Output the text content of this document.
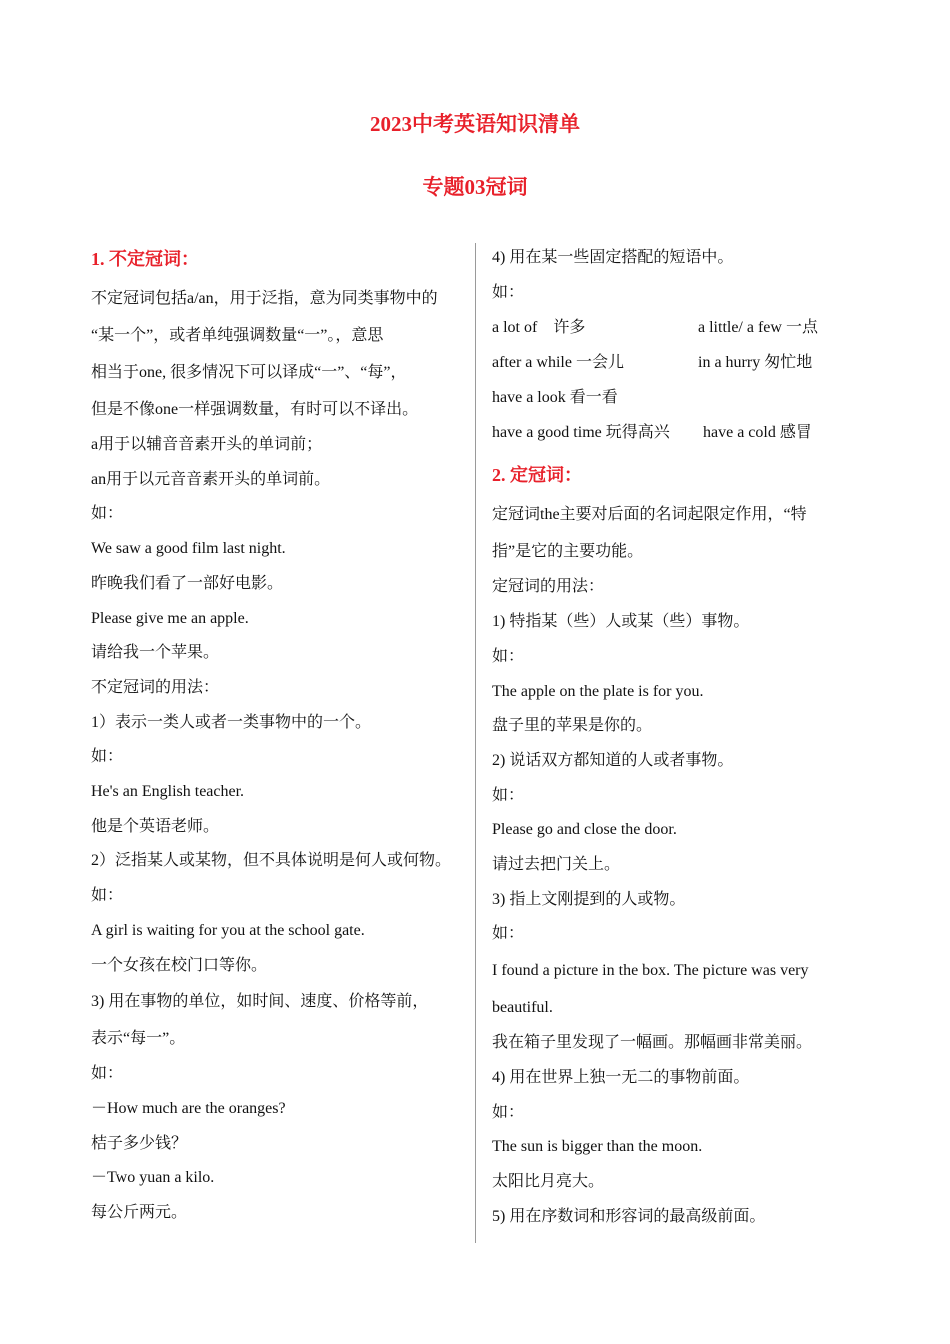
2023中考英语知识清单
专题03冠词

1. 不定冠词：

不定冠词包括a/an，用于泛指，意为同类事物中的

“某一个”，或者单纯强调数量“一”。，意思

相当于one, 很多情况下可以译成“一”、“每”，

但是不像one一样强调数量，有时可以不译出。

a用于以辅音音素开头的单词前；

an用于以元音音素开头的单词前。

如：

We saw a good film last night.

昨晚我们看了一部好电影。

Please give me an apple.

请给我一个苹果。

不定冠词的用法：

1）表示一类人或者一类事物中的一个。

如：

He's an English teacher.

他是个英语老师。

2）泛指某人或某物，但不具体说明是何人或何物。

如：

A girl is waiting for you at the school gate.

一个女孩在校门口等你。

3) 用在事物的单位，如时间、速度、价格等前，

表示“每一”。

如：

－How much are the oranges?

桔子多少钱？

－Two yuan a kilo.

每公斤两元。

4) 用在某一些固定搭配的短语中。

如：

a lot of　许多	a little/ a few 一点
after a while 一会儿	in a hurry 匆忙地
have a look 看一看
have a good time 玩得高兴	have a cold 感冒

2. 定冠词：

定冠词the主要对后面的名词起限定作用，“特

指”是它的主要功能。

定冠词的用法：

1) 特指某（些）人或某（些）事物。

如：

The apple on the plate is for you.

盘子里的苹果是你的。

2) 说话双方都知道的人或者事物。

如：

Please go and close the door.

请过去把门关上。

3) 指上文刚提到的人或物。

如：

I found a picture in the box. The picture was very

beautiful.

我在箱子里发现了一幅画。那幅画非常美丽。

4) 用在世界上独一无二的事物前面。

如：

The sun is bigger than the moon.

太阳比月亮大。

5) 用在序数词和形容词的最高级前面。
